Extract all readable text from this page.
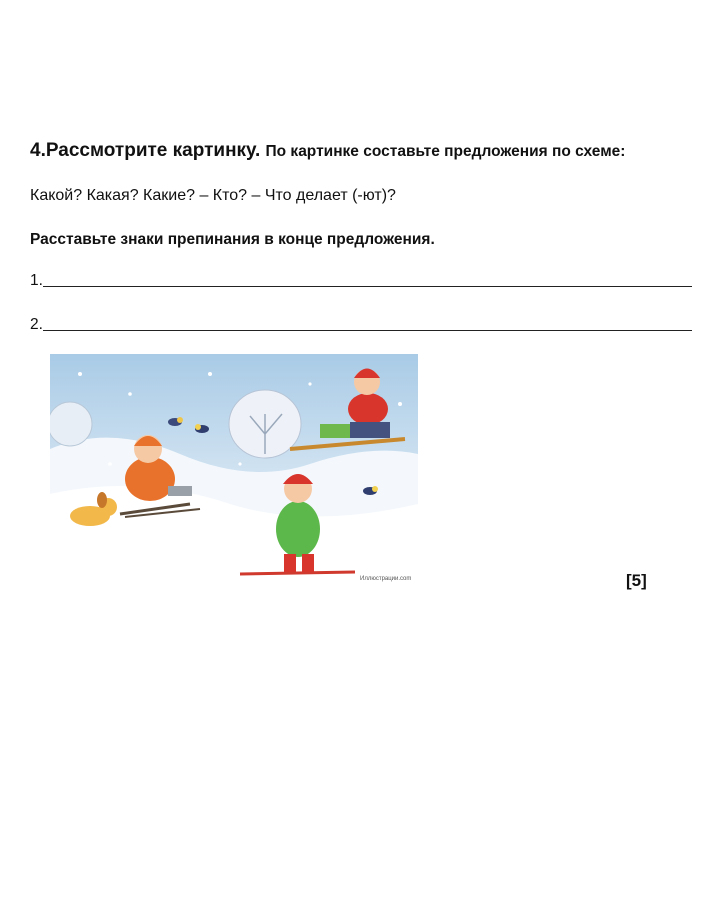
4.Рассмотрите картинку. По картинке составьте предложения по схеме:
Какой? Какая? Какие? – Кто? – Что делает (-ют)?
Расставьте знаки препинания в конце предложения.
1.
2.
Иллюстрации.com	[5]
